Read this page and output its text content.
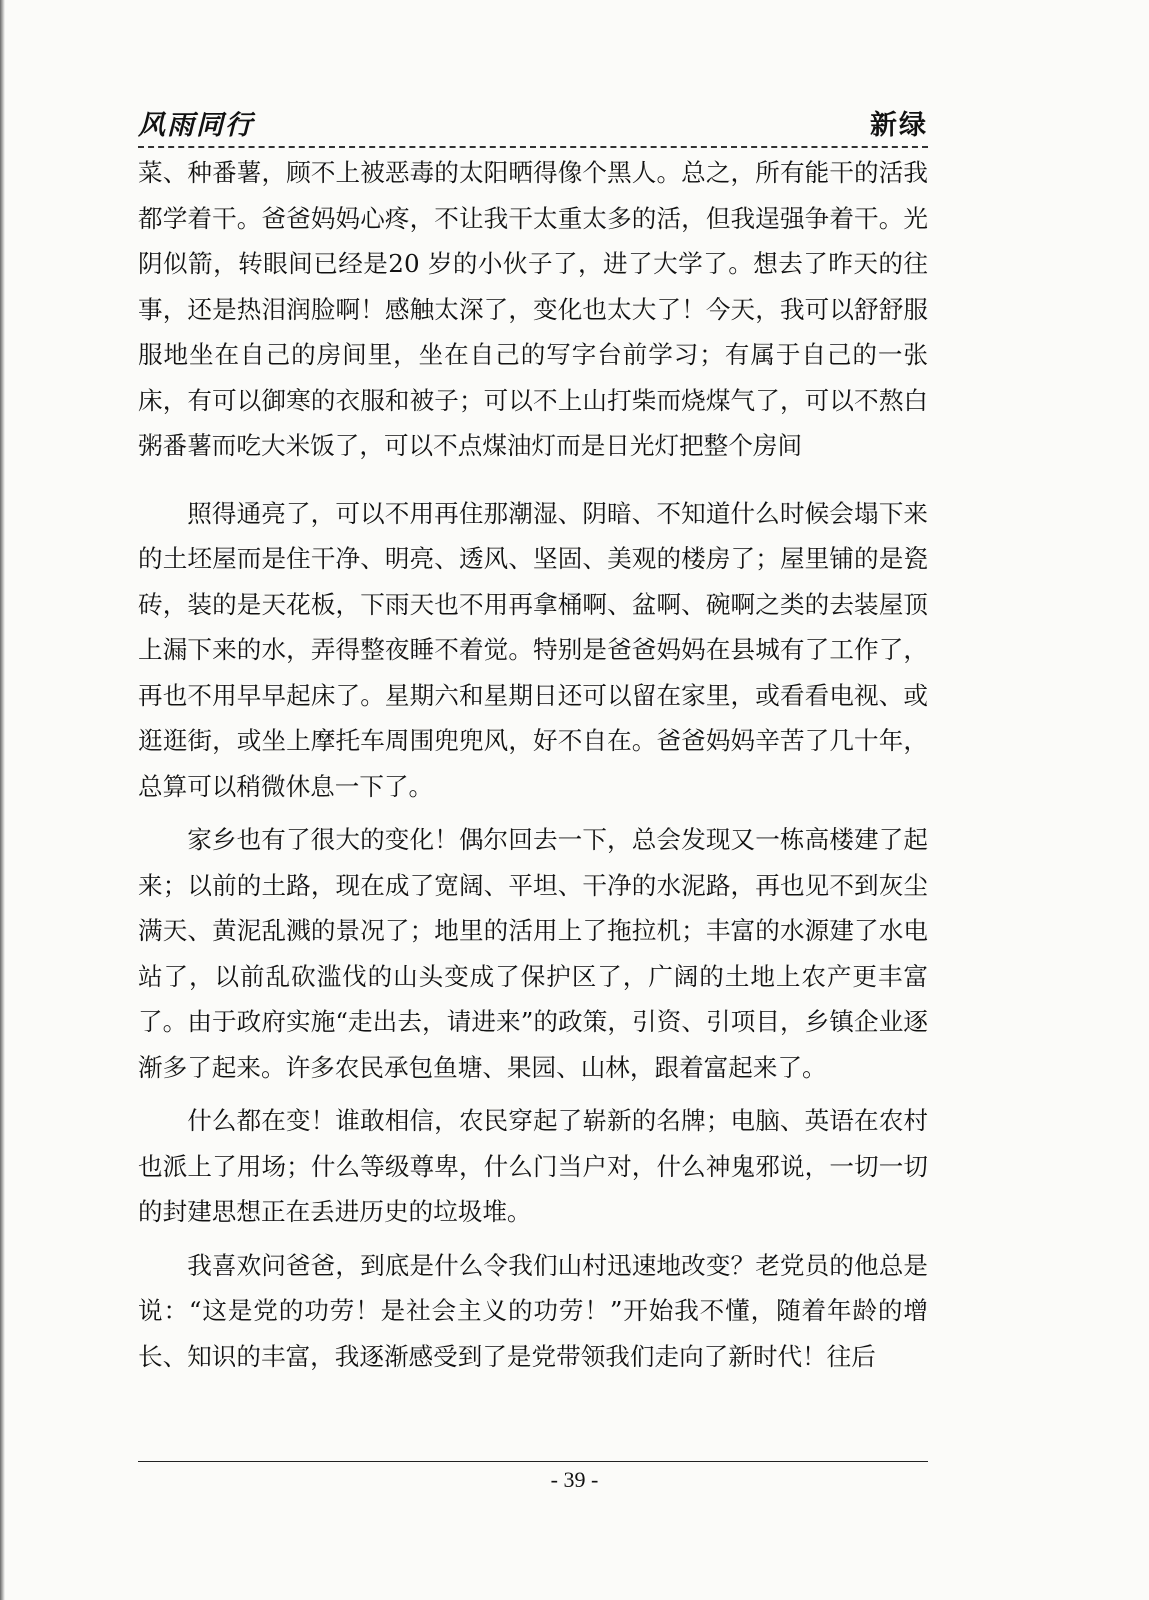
风雨同行	新绿

菜、种番薯，顾不上被恶毒的太阳晒得像个黑人。总之，所有能干的活我都学着干。爸爸妈妈心疼，不让我干太重太多的活，但我逞强争着干。光阴似箭，转眼间已经是20 岁的小伙子了，进了大学了。想去了昨天的往事，还是热泪润脸啊！感触太深了，变化也太大了！今天，我可以舒舒服服地坐在自己的房间里，坐在自己的写字台前学习；有属于自己的一张床，有可以御寒的衣服和被子；可以不上山打柴而烧煤气了，可以不熬白粥番薯而吃大米饭了，可以不点煤油灯而是日光灯把整个房间

照得通亮了，可以不用再住那潮湿、阴暗、不知道什么时候会塌下来的土坯屋而是住干净、明亮、透风、坚固、美观的楼房了；屋里铺的是瓷砖，装的是天花板，下雨天也不用再拿桶啊、盆啊、碗啊之类的去装屋顶上漏下来的水，弄得整夜睡不着觉。特别是爸爸妈妈在县城有了工作了，再也不用早早起床了。星期六和星期日还可以留在家里，或看看电视、或逛逛街，或坐上摩托车周围兜兜风，好不自在。爸爸妈妈辛苦了几十年，总算可以稍微休息一下了。

家乡也有了很大的变化！偶尔回去一下，总会发现又一栋高楼建了起来；以前的土路，现在成了宽阔、平坦、干净的水泥路，再也见不到灰尘满天、黄泥乱溅的景况了；地里的活用上了拖拉机；丰富的水源建了水电站了，以前乱砍滥伐的山头变成了保护区了，广阔的土地上农产更丰富了。由于政府实施“走出去，请进来”的政策，引资、引项目，乡镇企业逐渐多了起来。许多农民承包鱼塘、果园、山林，跟着富起来了。

什么都在变！谁敢相信，农民穿起了崭新的名牌；电脑、英语在农村也派上了用场；什么等级尊卑，什么门当户对，什么神鬼邪说，一切一切的封建思想正在丢进历史的垃圾堆。

我喜欢问爸爸，到底是什么令我们山村迅速地改变？老党员的他总是说：“这是党的功劳！是社会主义的功劳！”开始我不懂，随着年龄的增长、知识的丰富，我逐渐感受到了是党带领我们走向了新时代！往后

- 39 -
